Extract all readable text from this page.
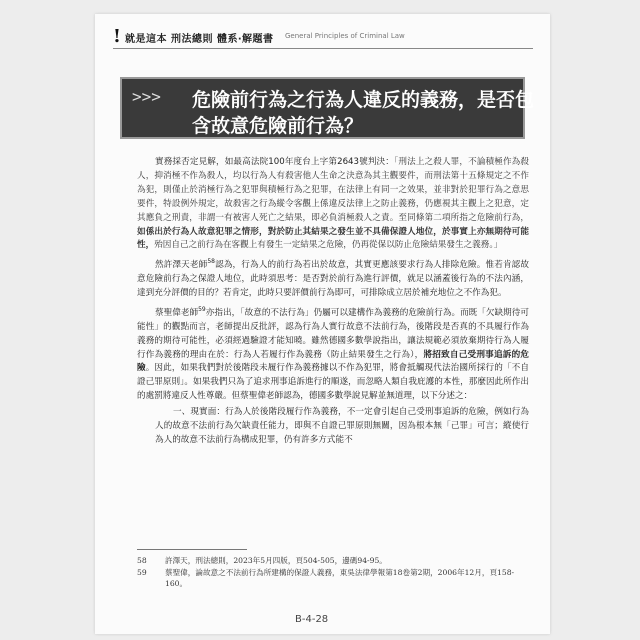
! 就是這本 刑法總則 體系‧解題書 General Principles of Criminal Law
>>> 危險前行為之行為人違反的義務，是否包
含故意危險前行為？

實務採否定見解，如最高法院100年度台上字第2643號判決：「刑法上之殺人罪，不論積極作為殺人，抑消極不作為殺人，均以行為人有殺害他人生命之決意為其主觀要件，而刑法第十五條規定之不作為犯，則僅止於消極行為之犯罪與積極行為之犯罪，在法律上有同一之效果，並非對於犯罪行為之意思要件，特設例外規定，故殺害之行為縱令客觀上係違反法律上之防止義務，仍應視其主觀上之犯意，定其應負之刑責，非謂一有被害人死亡之結果，即必負消極殺人之責。至同條第二項所指之危險前行為，如係出於行為人故意犯罪之情形，對於防止其結果之發生並不具備保證人地位，於事實上亦無期待可能性，殆因自己之前行為在客觀上有發生一定結果之危險，仍再從保以防止危險結果發生之義務。」

然許澤天老師$^{58}$認為，行為人的前行為若出於故意，其實更應該要求行為人排除危險。惟若肯認故意危險前行為之保證人地位，此時須思考：是否對於前行為進行評價，就足以涵蓋後行為的不法內涵，達到充分評價的目的？若肯定，此時只要評價前行為即可，可排除成立居於補充地位之不作為犯。

蔡聖偉老師$^{59}$亦指出，「故意的不法行為」仍屬可以建構作為義務的危險前行為。而既「欠缺期待可能性」的觀點而言，老師提出反批評，認為行為人實行故意不法前行為，後階段是否真的不具履行作為義務的期待可能性，必須經過驗證才能知曉。雖然德國多數學說指出，讓法規範必須放棄期待行為人履行作為義務的理由在於：行為人若履行作為義務（防止結果發生之行為），將招致自己受刑事追訴的危險。因此，如果我們對於後階段未履行作為義務據以不作為犯罪，將會抵觸現代法治國所採行的「不自證己罪原則」。如果我們只為了追求刑事追訴進行的順遂，而忽略人類自我庇護的本性，那麼因此所作出的處罰將違反人性尊嚴。但蔡聖偉老師認為，德國多數學說見解並無道理，以下分述之：

一、現實面：行為人於後階段履行作為義務，不一定會引起自己受刑事追訴的危險，例如行為人的故意不法前行為欠缺責任能力，即與不自證己罪原則無關，因為根本無「己罪」可言；縱使行為人的故意不法前行為構成犯罪，仍有許多方式能不

58	許澤天，刑法總則，2023年5月四版，頁504-505，邊碼94-95。
59	蔡聖偉，論故意之不法前行為所建構的保證人義務，東吳法律學報第18卷第2期，2006年12月，頁158-160。
B-4-28
